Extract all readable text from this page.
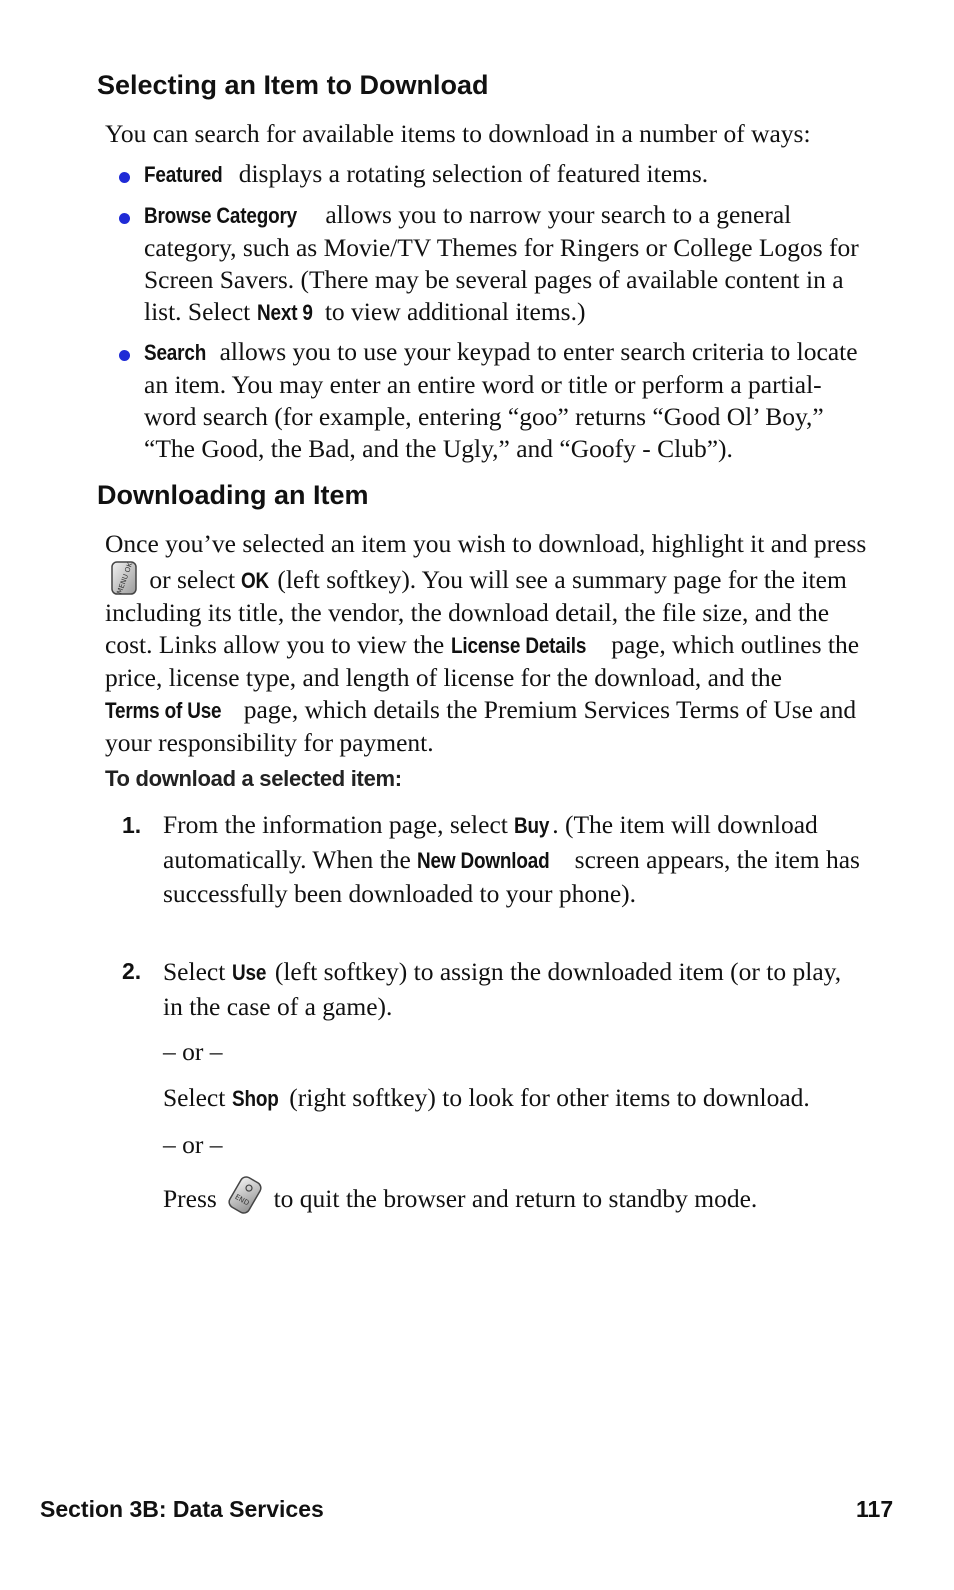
Selecting an Item to Download

You can search for available items to download in a number of ways:

Featured displays a rotating selection of featured items.

Browse Category allows you to narrow your search to a general category, such as Movie/TV Themes for Ringers or College Logos for Screen Savers. (There may be several pages of available content in a list. Select Next 9 to view additional items.)

Search allows you to use your keypad to enter search criteria to locate an item. You may enter an entire word or title or perform a partial-word search (for example, entering “goo” returns “Good Ol’ Boy,” “The Good, the Bad, and the Ugly,” and “Goofy - Club”).

Downloading an Item

Once you’ve selected an item you wish to download, highlight it and press
MENU OK or select OK (left softkey). You will see a summary page for the item including its title, the vendor, the download detail, the file size, and the cost. Links allow you to view the License Details page, which outlines the price, license type, and length of license for the download, and the Terms of Use page, which details the Premium Services Terms of Use and your responsibility for payment.

To download a selected item:
1. From the information page, select Buy . (The item will download automatically. When the New Download screen appears, the item has successfully been downloaded to your phone).

2. Select Use (left softkey) to assign the downloaded item (or to play, in the case of a game).

– or –

Select Shop (right softkey) to look for other items to download.

– or –

Press END to quit the browser and return to standby mode.

Section 3B: Data Services	117
